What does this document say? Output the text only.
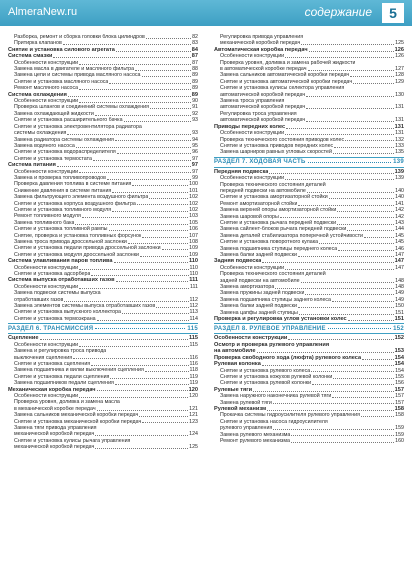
AlmeraNew.ru	содержание	5
Разборка, ремонт и сборка головки блока цилиндров	82
Притирка клапанов	83
Снятие и установка силового агрегата	84
Система смазки	87
Особенности конструкции	87
Замена масла в двигателе и масляного фильтра	88
Замена цепи и системы привода масляного насоса	89
Снятие и установка масляного насоса	89
Ремонт масляного насоса	89
Система охлаждения	89
Особенности конструкции	90
Проверка шлангов и соединений системы охлаждения	91
Замена охлаждающей жидкости	92
Снятие и установка расширительного бачка	93
Снятие и установка электровентилятора радиатора
системы охлаждения	93
Замена радиатора системы охлаждения	94
Замена водяного насоса	95
Снятие и установка водораспределителя	96
Снятие и установка термостата	97
Система питания	97
Особенности конструкции	97
Замена и проверка топливопроводов	99
Проверка давления топлива в системе питания	100
Снижение давления в системе питания	101
Замена фильтрующего элемента воздушного фильтра	102
Снятие и установка корпуса воздушного фильтра	102
Снятие и установка топливного модуля	102
Ремонт топливного модуля	103
Замена топливного бака	105
Снятие и установка топливной рампы	106
Снятие, проверка и установка топливных форсунок	107
Замена троса привода дроссельной заслонки	108
Снятие и установка педали привода дроссельной заслонки	109
Снятие и установка модуля дроссельной заслонки	109
Система улавливания паров топлива	110
Особенности конструкции	110
Снятие и установка адсорбера	110
Система выпуска отработавших газов	111
Особенности конструкции	111
Замена подвески системы выпуска
отработавших газов	112
Замена элементов системы выпуска отработавших газов	112
Снятие и установка выпускного коллектора	113
Снятие и установка термоэкрана	114
РАЗДЕЛ 6. ТРАНСМИССИЯ	115
Сцепление	115
Особенности конструкции	115
Замена и регулировка троса привода
выключения сцепления	116
Снятие и установка сцепления	116
Замена подшипника и вилки выключения сцепления	118
Снятие и установка педали сцепления	119
Замена подшипников педали сцепления	119
Механическая коробка передач	120
Особенности конструкции	120
Проверка уровня, доливка и замена масла
в механической коробке передач	121
Замена сальников механической коробки передач	121
Снятие и установка механической коробки передач	123
Замена тяги привода управления
механической коробкой передач	124
Снятие и установка кулисы рычага управления
механической коробкой передач	125
Регулировка привода управления
механической коробкой передач	125
Автоматическая коробка передач	126
Особенности конструкции	126
Проверка уровня, доливка и замена рабочей жидкости
в автоматической коробке передач	127
Замена сальников автоматической коробки передач	128
Снятие и установка автоматической коробки передач	129
Снятие и установка кулисы селектора управления
автоматической коробкой передач	130
Замена троса управления
автоматической коробкой передач	131
Регулировка троса управления
автоматической коробкой передач	131
Приводы передних колес	131
Особенности конструкции	131
Проверка технического состояния приводов колес	132
Снятие и установка приводов передних колес	133
Замена шарниров равных угловых скоростей	135
РАЗДЕЛ 7. ХОДОВАЯ ЧАСТЬ	139
Передняя подвеска	139
Особенности конструкции	139
Проверка технического состояния деталей
передней подвески на автомобиле	140
Снятие и установка амортизаторной стойки	140
Ремонт амортизаторной стойки	141
Замена верхней опоры амортизаторной стойки	142
Замена шаровой опоры	142
Снятие и установка рычага передней подвески	143
Замена сайлент-блоков рычага передней подвески	144
Замена деталей стабилизатора поперечной устойчивости	145
Снятие и установка поворотного кулака	145
Замена подшипника ступицы переднего колеса	146
Замена балки задней подвески	147
Задняя подвеска	147
Особенности конструкции	147
Проверка технического состояния деталей
задней подвески на автомобиле	148
Замена амортизатора	148
Замена пружины задней подвески	149
Замена подшипника ступицы заднего колеса	149
Замена балки задней подвески	150
Замена цапфы задней ступицы	151
Проверка и регулировка углов установки колес	151
РАЗДЕЛ 8. РУЛЕВОЕ УПРАВЛЕНИЕ	152
Особенности конструкции	152
Осмотр и проверка рулевого управления
на автомобиле	153
Проверка свободного хода (люфта) рулевого колеса	154
Рулевая колонка	154
Снятие и установка рулевого колеса	154
Снятие и установка кожухов рулевой колонки	155
Снятие и установка рулевой колонки	156
Рулевые тяги	157
Замена наружного наконечника рулевой тяги	157
Замена рулевой тяги	157
Рулевой механизм	158
Прокачка системы гидроусилителя рулевого управления	158
Снятие и установка насоса гидроусилителя
рулевого управления	159
Замена рулевого механизма	159
Ремонт рулевого механизма	160
